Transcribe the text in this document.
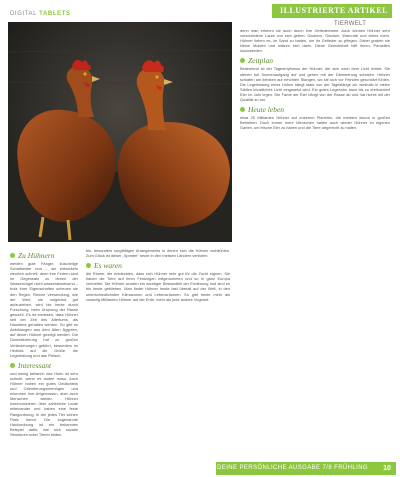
DIGITAL TABLETS	ILLUSTRIERTE ARTIKEL & TEXTE	TIERWELT
Zu Hühnern

werden gute Fänger, kuschelige Schlafnester und – sie entwickeln ziemlich schnell, denn ihre Federn sind im Gegensatz zu denen der Wassenvögel nicht wasserabweisend – trotz ihrer Eigenschaften scheuen sie den Regen. Reiche Verwendung, wie der Wert, sie möglichst gut aufzuziehen, wird bis heute durch Forschung, beim Ursprung der Rasse gesucht. Es ist erwiesen, dass Hühner seit der Zeit des Altertums, als Haustiere gehalten werden. So gibt es Abbildungen aus dem Alten Ägypten, auf denen Hühner gezeigt werden. Die Domestizierung hat zu großen Veränderungen geführt, besonders im Hinblick auf die Größe, die Legeleistung und das Fleisch.

Interessant

und wenig bekannt: das Huhn ist sehr schnell, wenn es laufen muss. Auch Hühner haben ein gutes Gedächtnis und Orientierungsvermögen und erkennen ihre Artgenossen, aber auch Menschen wieder. Hühner kommunizieren über zahlreiche Laute miteinander und haben eine feste Rangordnung, in der jedes Tier seinen Platz kennt. Die sogenannte Hackordnung ist ein bekanntes Beispiel dafür, wie sich soziale Strukturen unter Tieren bilden.

bis, besonders sorgfältigen Arrangements in denen sich die Hühner wohlfühlen. Zum Glück ist dieser „Sprinter“ heute in den meisten Ländern verboten.

Es waren

die Römer, die entdeckten, dass sich Hühner sehr gut für die Zucht eignen. Sie haben die Tiere auf ihren Feldzügen mitgenommen und so in ganz Europa verbreitet. Die Hühner wurden ein wichtiger Bestandteil der Ernährung und sind es bis heute geblieben. Man findet Hühner heute fast überall auf der Welt, in den unterschiedlichsten Klimazonen und Lebensräumen. Es gibt heute mehr als zwanzig Milliarden Hühner auf der Erde, mehr als jede andere Vogelart.

denn man erkennt sie auch durch ihre Gefiederfarbe. Auch können Hühner sehr verschiedene Laute von sich geben: Gackern, Glucken, Warnrufe und vieles mehr. Hühner lieben es, im Sand zu baden, um ihr Gefieder zu pflegen. Dabei graben sie kleine Mulden und wälzen sich darin. Diese Gewohnheit hilft ihnen, Parasiten loszuwerden.

Zeitplan

Bedeutend ist der Tagesrhythmus der Hühner, der sich nach dem Licht richtet. Sie stehen bei Sonnenaufgang auf und gehen mit der Dämmerung schlafen. Hühner schlafen am liebsten auf erhöhten Stangen, wo sie sich vor Feinden geschützt fühlen. Die Legeleistung eines Huhns hängt stark von der Tageslänge ab, weshalb in vielen Ställen künstliches Licht eingesetzt wird. Ein gutes Legehuhn kann bis zu dreihundert Eier im Jahr legen. Die Farbe der Eier hängt von der Rasse ab und hat nichts mit der Qualität zu tun.

Heute leben

etwa 25 Milliarden Hühner auf unserem Planeten, die meisten davon in großen Betrieben. Doch immer mehr Menschen halten auch wieder Hühner im eigenen Garten, um frische Eier zu haben und die Tiere artgerecht zu halten.

DEINE PERSÖNLICHE AUSGABE 7/8 FRÜHLING	10
